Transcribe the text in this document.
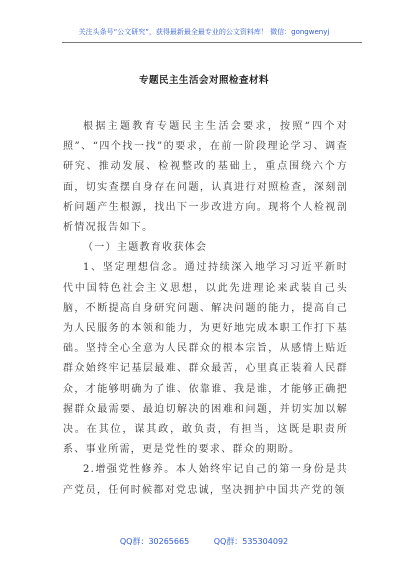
关注头条号“公文研究”，获得最新最全最专业的公文资料库！ 微信：gongwenyj
专题民主生活会对照检查材料

根据主题教育专题民主生活会要求，按照“四个对照”、“四个找一找”的要求，在前一阶段理论学习、调查研究、推动发展、检视整改的基础上，重点围绕六个方面，切实查摆自身存在问题，认真进行对照检查，深刻剖析问题产生根源，找出下一步改进方向。现将个人检视剖析情况报告如下。

（一）主题教育收获体会

1、坚定理想信念。通过持续深入地学习习近平新时代中国特色社会主义思想，以此先进理论来武装自己头脑，不断提高自身研究问题、解决问题的能力，提高自己为人民服务的本领和能力，为更好地完成本职工作打下基础。坚持全心全意为人民群众的根本宗旨，从感情上贴近群众始终牢记基层最难、群众最苦，心里真正装着人民群众，才能够明确为了谁、依靠谁、我是谁，才能够正确把握群众最需要、最迫切解决的困难和问题，并切实加以解决。在其位，谋其政，敢负责，有担当，这既是职责所系、事业所需，更是党性的要求、群众的期盼。

2.增强党性修养。本人始终牢记自己的第一身份是共产党员，任何时候都对党忠诚，坚决拥护中国共产党的领

QQ群：30265665	QQ群：535304092
